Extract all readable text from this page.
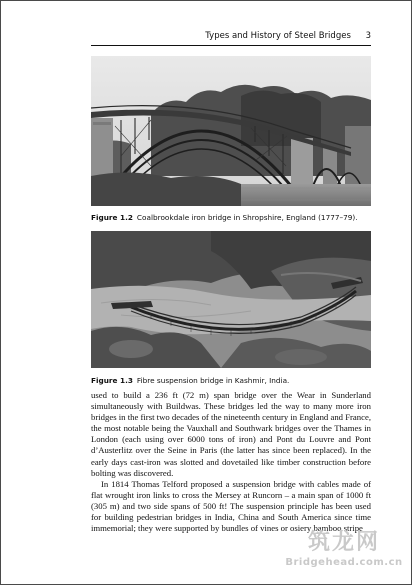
Types and History of Steel Bridges 3
Figure 1.2 Coalbrookdale iron bridge in Shropshire, England (1777–79).
Figure 1.3 Fibre suspension bridge in Kashmir, India.

used to build a 236 ft (72 m) span bridge over the Wear in Sunderland simultaneously with Buildwas. These bridges led the way to many more iron bridges in the first two decades of the nineteenth century in England and France, the most notable being the Vauxhall and Southwark bridges over the Thames in London (each using over 6000 tons of iron) and Pont du Louvre and Pont d’Austerlitz over the Seine in Paris (the latter has since been replaced). In the early days cast-iron was slotted and dovetailed like timber construction before bolting was discovered.

In 1814 Thomas Telford proposed a suspension bridge with cables made of flat wrought iron links to cross the Mersey at Runcorn – a main span of 1000 ft (305 m) and two side spans of 500 ft! The suspension principle has been used for building pedestrian bridges in India, China and South America since time immemorial; they were supported by bundles of vines or osiery bamboo stripe

筑龙网
Bridgehead.com.cn
